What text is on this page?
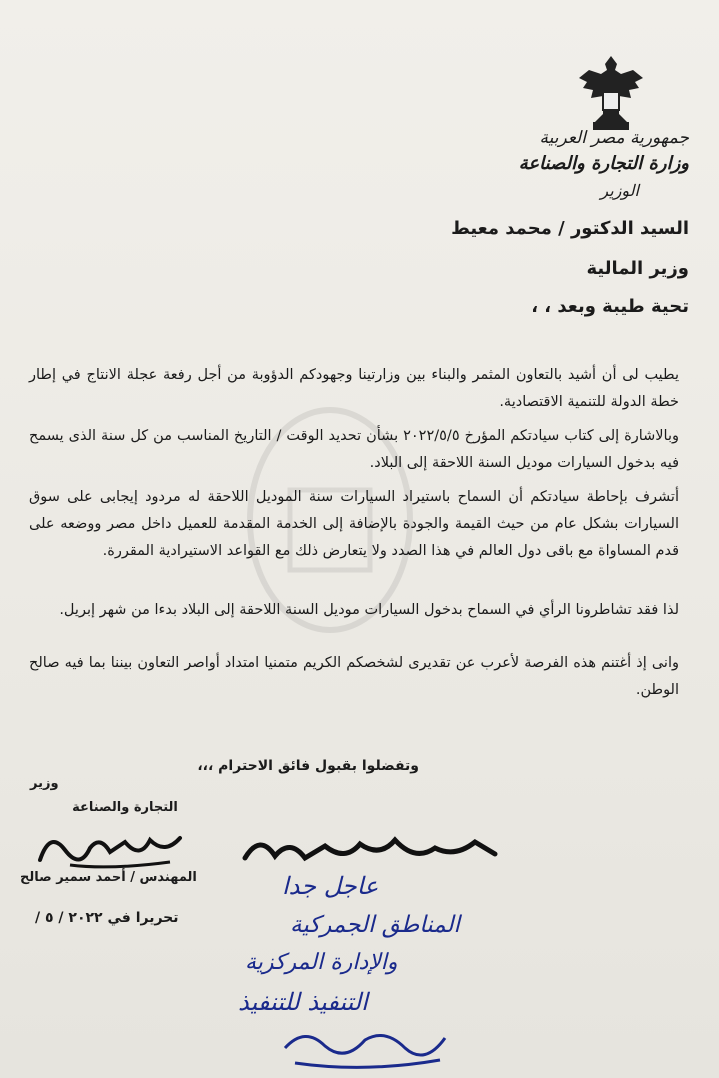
جمهورية مصر العربية
وزارة التجارة والصناعة
الوزير
السيد الدكتور / محمد معيط
وزير المالية
تحية طيبة وبعد ، ،
يطيب لى أن أشيد بالتعاون المثمر والبناء بين وزارتينا وجهودكم الدؤوبة من أجل رفعة عجلة الانتاج في إطار خطة الدولة للتنمية الاقتصادية.
وبالاشارة إلى كتاب سيادتكم المؤرخ ٢٠٢٢/٥/٥ بشأن تحديد الوقت / التاريخ المناسب من كل سنة الذى يسمح فيه بدخول السيارات موديل السنة اللاحقة إلى البلاد.
أتشرف بإحاطة سيادتكم أن السماح باستيراد السيارات سنة الموديل اللاحقة له مردود إيجابى على سوق السيارات بشكل عام من حيث القيمة والجودة بالإضافة إلى الخدمة المقدمة للعميل داخل مصر ووضعه على قدم المساواة مع باقى دول العالم في هذا الصدد ولا يتعارض ذلك مع القواعد الاستيرادية المقررة.
لذا فقد تشاطرونا الرأي في السماح بدخول السيارات موديل السنة اللاحقة إلى البلاد بدءا من شهر إبريل.
وانى إذ أغتنم هذه الفرصة لأعرب عن تقديرى لشخصكم الكريم متمنيا امتداد أواصر التعاون بيننا بما فيه صالح الوطن.
وتفضلوا بقبول فائق الاحترام ،،،
وزير
التجارة والصناعة
المهندس / أحمد سمير صالح
تحريرا في ٢٠٢٢ / ٥ /
عاجل جدا
المناطق الجمركية
والإدارة المركزية
التنفيذ للتنفيذ
